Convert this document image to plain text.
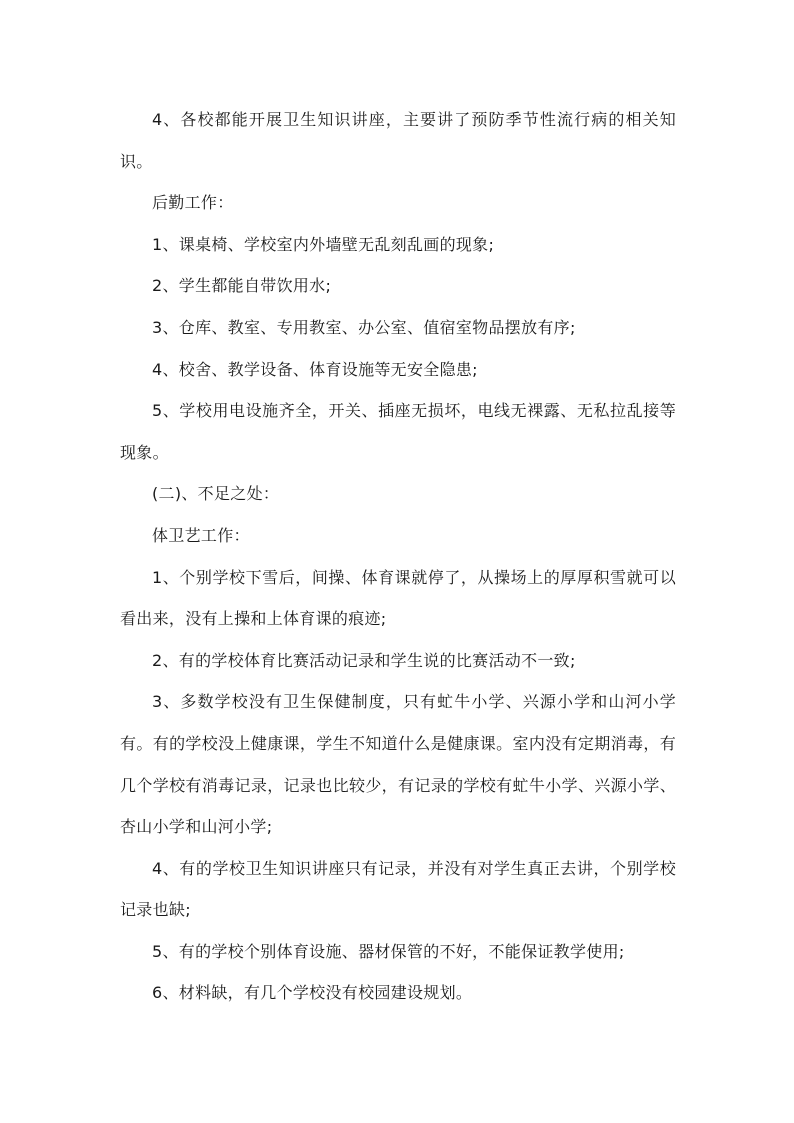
4、各校都能开展卫生知识讲座，主要讲了预防季节性流行病的相关知识。

后勤工作：

1、课桌椅、学校室内外墙壁无乱刻乱画的现象;

2、学生都能自带饮用水;

3、仓库、教室、专用教室、办公室、值宿室物品摆放有序;

4、校舍、教学设备、体育设施等无安全隐患;

5、学校用电设施齐全，开关、插座无损坏，电线无裸露、无私拉乱接等现象。

(二)、不足之处：

体卫艺工作：

1、个别学校下雪后，间操、体育课就停了，从操场上的厚厚积雪就可以看出来，没有上操和上体育课的痕迹;

2、有的学校体育比赛活动记录和学生说的比赛活动不一致;

3、多数学校没有卫生保健制度，只有虻牛小学、兴源小学和山河小学有。有的学校没上健康课，学生不知道什么是健康课。室内没有定期消毒，有几个学校有消毒记录，记录也比较少，有记录的学校有虻牛小学、兴源小学、杏山小学和山河小学;

4、有的学校卫生知识讲座只有记录，并没有对学生真正去讲，个别学校记录也缺;

5、有的学校个别体育设施、器材保管的不好，不能保证教学使用;

6、材料缺，有几个学校没有校园建设规划。
